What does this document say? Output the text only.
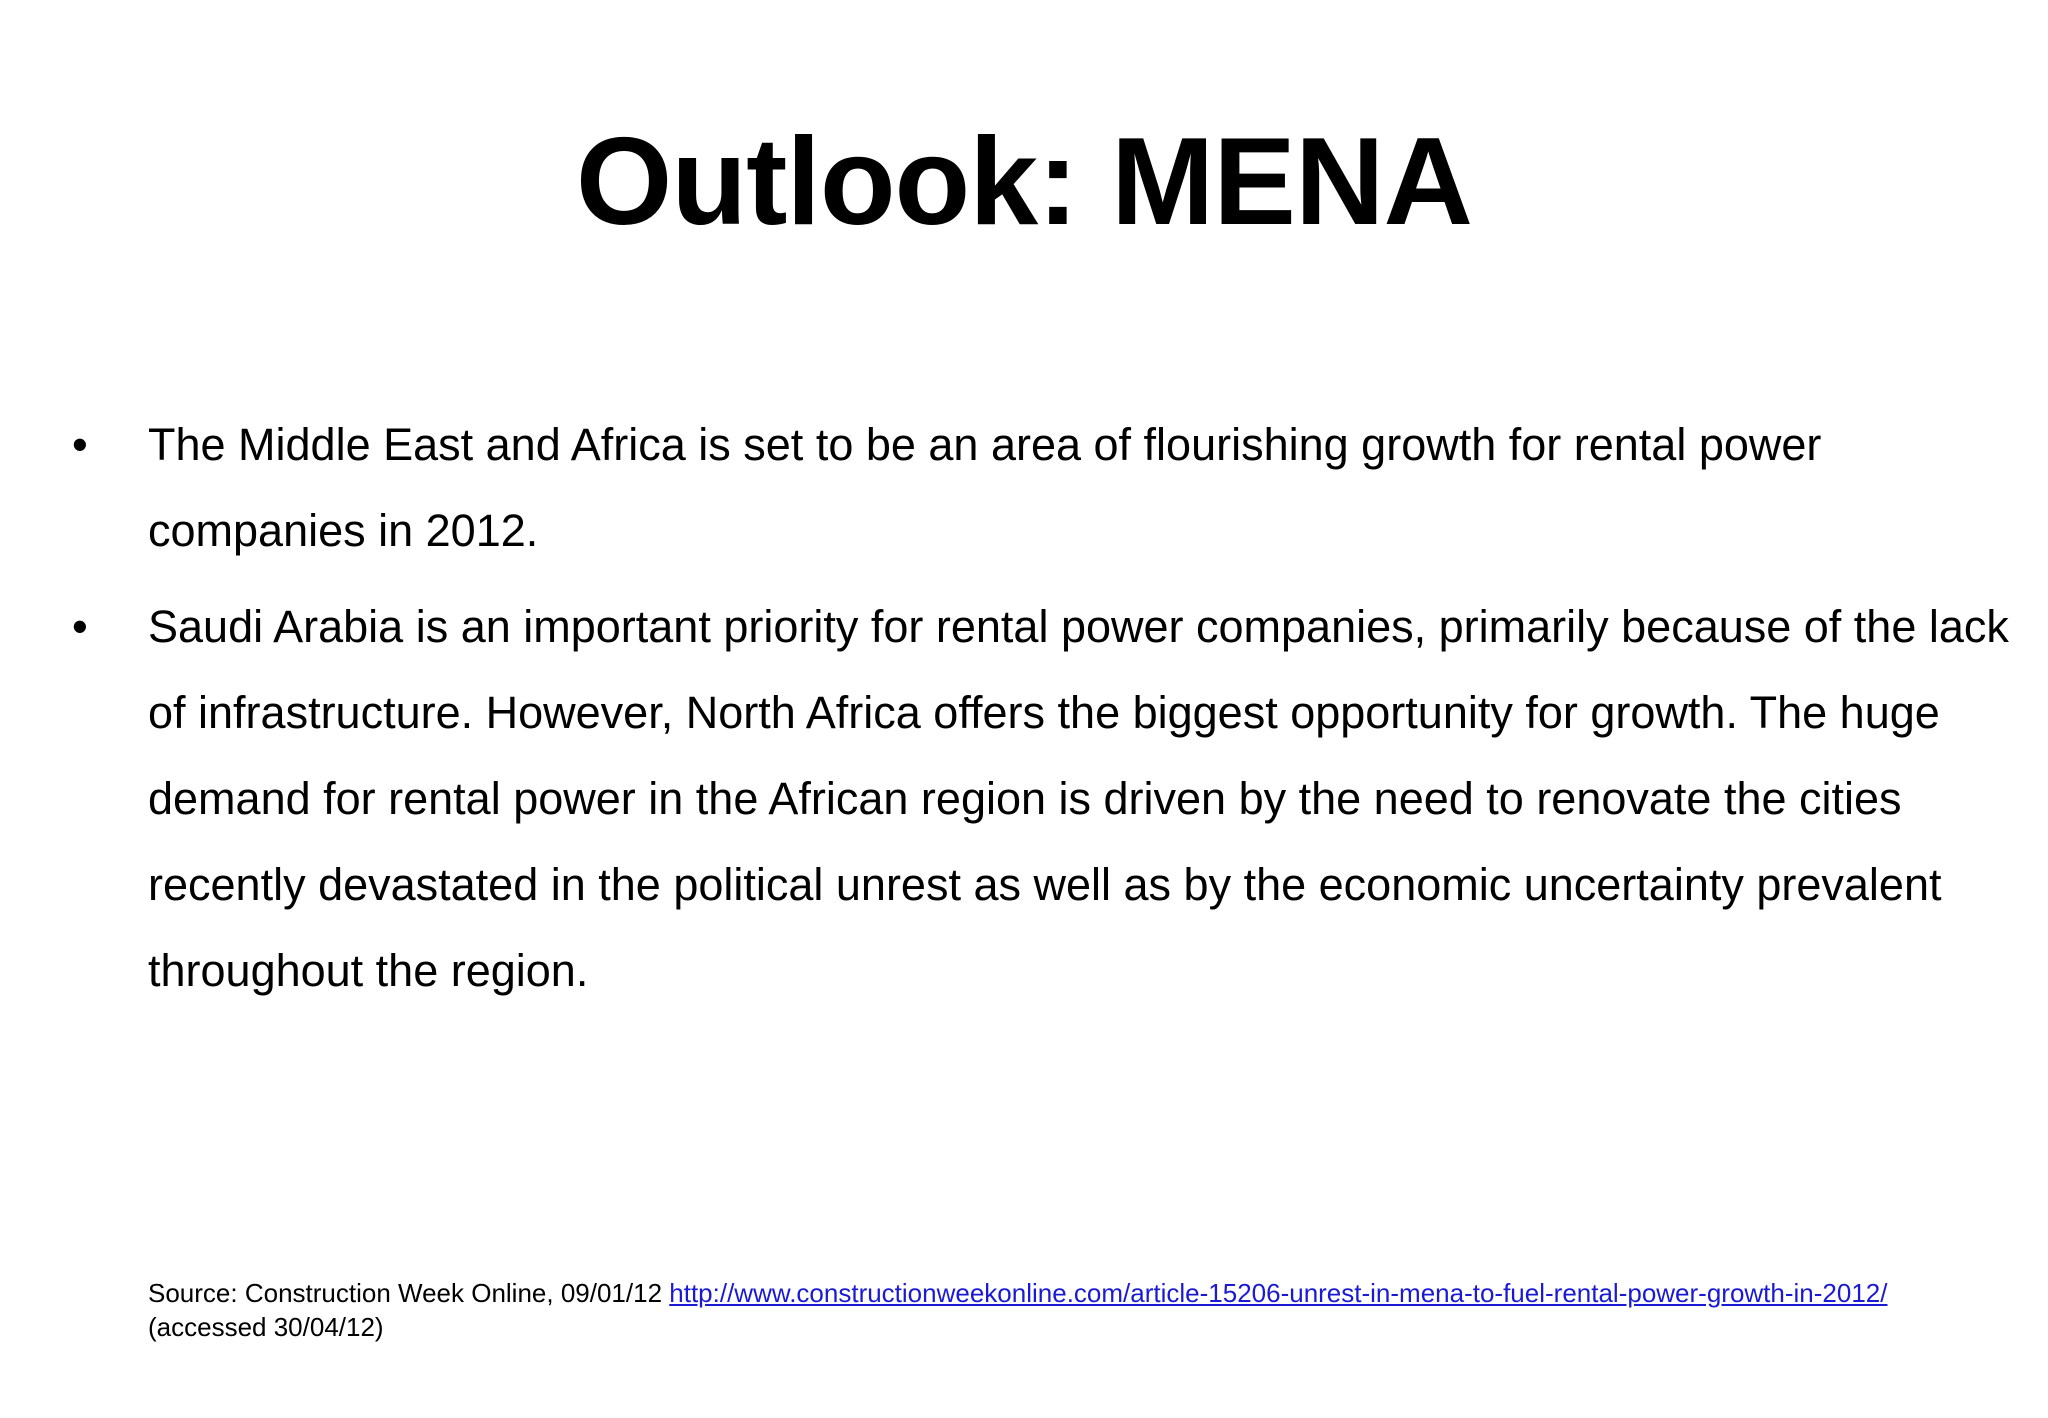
Outlook: MENA
• The Middle East and Africa is set to be an area of flourishing growth for rental power companies in 2012.
• Saudi Arabia is an important priority for rental power companies, primarily because of the lack of infrastructure. However, North Africa offers the biggest opportunity for growth. The huge demand for rental power in the African region is driven by the need to renovate the cities recently devastated in the political unrest as well as by the economic uncertainty prevalent throughout the region.
Source: Construction Week Online, 09/01/12 http://www.constructionweekonline.com/article-15206-unrest-in-mena-to-fuel-rental-power-growth-in-2012/
(accessed 30/04/12)
